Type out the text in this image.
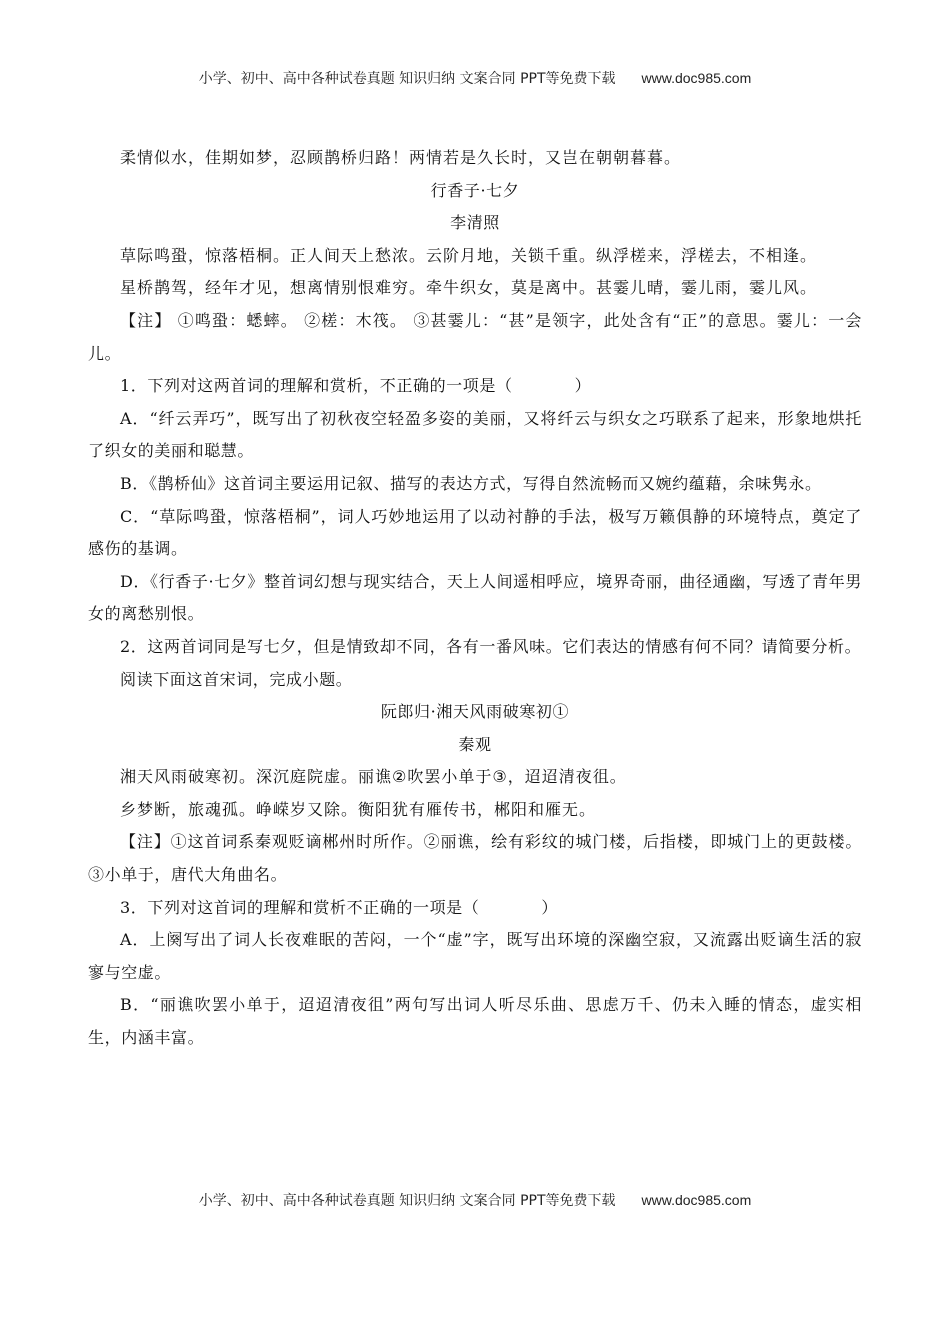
小学、初中、高中各种试卷真题 知识归纳 文案合同 PPT等免费下载 www.doc985.com

柔情似水，佳期如梦，忍顾鹊桥归路！两情若是久长时，又岂在朝朝暮暮。

行香子·七夕

李清照

草际鸣蛩，惊落梧桐。正人间天上愁浓。云阶月地，关锁千重。纵浮槎来，浮槎去，不相逢。

星桥鹊驾，经年才见，想离情别恨难穷。牵牛织女，莫是离中。甚霎儿晴，霎儿雨，霎儿风。

【注】 ①鸣蛩：蟋蟀。 ②槎：木筏。 ③甚霎儿：“甚”是领字，此处含有“正”的意思。霎儿：一会儿。

1．下列对这两首词的理解和赏析，不正确的一项是（	）

A．“纤云弄巧”，既写出了初秋夜空轻盈多姿的美丽，又将纤云与织女之巧联系了起来，形象地烘托了织女的美丽和聪慧。

B．《鹊桥仙》这首词主要运用记叙、描写的表达方式，写得自然流畅而又婉约蕴藉，余味隽永。

C．“草际鸣蛩，惊落梧桐”，词人巧妙地运用了以动衬静的手法，极写万籁俱静的环境特点，奠定了感伤的基调。

D．《行香子·七夕》整首词幻想与现实结合，天上人间遥相呼应，境界奇丽，曲径通幽，写透了青年男女的离愁别恨。

2．这两首词同是写七夕，但是情致却不同，各有一番风味。它们表达的情感有何不同？请简要分析。

阅读下面这首宋词，完成小题。

阮郎归·湘天风雨破寒初①

秦观

湘天风雨破寒初。深沉庭院虚。丽谯②吹罢小单于③，迢迢清夜徂。

乡梦断，旅魂孤。峥嵘岁又除。衡阳犹有雁传书，郴阳和雁无。

【注】①这首词系秦观贬谪郴州时所作。②丽谯，绘有彩纹的城门楼，后指楼，即城门上的更鼓楼。③小单于，唐代大角曲名。

3．下列对这首词的理解和赏析不正确的一项是（	）

A．上阕写出了词人长夜难眠的苦闷，一个“虚”字，既写出环境的深幽空寂，又流露出贬谪生活的寂寥与空虚。

B．“丽谯吹罢小单于，迢迢清夜徂”两句写出词人听尽乐曲、思虑万千、仍未入睡的情态，虚实相生，内涵丰富。

小学、初中、高中各种试卷真题 知识归纳 文案合同 PPT等免费下载 www.doc985.com
